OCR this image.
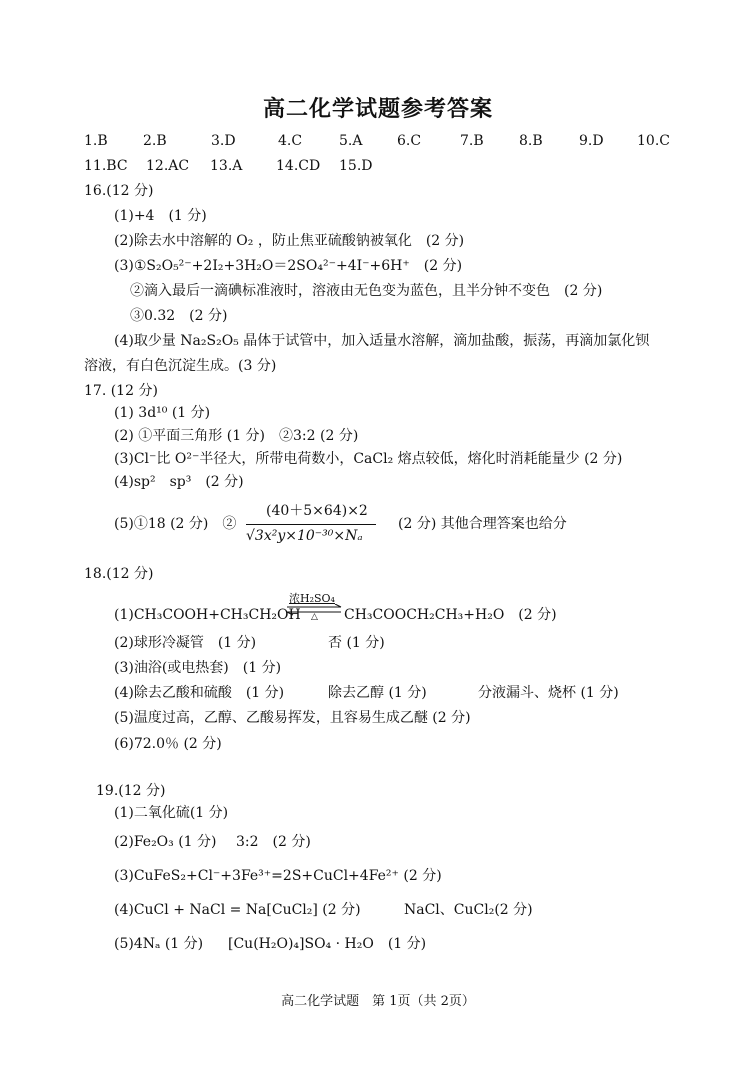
高二化学试题参考答案
1.B	2.B	3.D	4.C	5.A 6.C	7.B	8.B	9.D 10.C
11.BC 12.AC 13.A 14.CD 15.D
16.(12 分)
(1)+4　(1 分)
(2)除去水中溶解的 O₂ ，防止焦亚硫酸钠被氧化　(2 分)
(3)①S₂O₅²⁻+2I₂+3H₂O＝2SO₄²⁻+4I⁻+6H⁺　(2 分)
②滴入最后一滴碘标准液时，溶液由无色变为蓝色，且半分钟不变色　(2 分)
③0.32　(2 分)
(4)取少量 Na₂S₂O₅ 晶体于试管中，加入适量水溶解，滴加盐酸，振荡，再滴加氯化钡
溶液，有白色沉淀生成。(3 分)
17. (12 分)
(1) 3d¹⁰ (1 分)
(2) ①平面三角形 (1 分)　②3:2 (2 分)
(3)Cl⁻比 O²⁻半径大，所带电荷数小，CaCl₂ 熔点较低，熔化时消耗能量少 (2 分)
(4)sp²　sp³　(2 分)
(5)①18 (2 分)　②
(40＋5×64)×2
√3x²y×10⁻³⁰×Nₐ
(2 分) 其他合理答案也给分
18.(12 分)
(1)CH₃COOH+CH₃CH₂OH
浓H₂SO₄
△ CH₃COOCH₂CH₃+H₂O　(2 分)
(2)球形冷凝管　(1 分)	否 (1 分)
(3)油浴(或电热套)　(1 分)
(4)除去乙酸和硫酸　(1 分)	除去乙醇 (1 分)	分液漏斗、烧杯 (1 分)
(5)温度过高，乙醇、乙酸易挥发，且容易生成乙醚 (2 分)
(6)72.0％ (2 分)
19.(12 分)
(1)二氧化硫(1 分)
(2)Fe₂O₃ (1 分) 3:2　(2 分)
(3)CuFeS₂+Cl⁻+3Fe³⁺=2S+CuCl+4Fe²⁺ (2 分)
(4)CuCl + NaCl = Na[CuCl₂] (2 分)	NaCl、CuCl₂(2 分)
(5)4Nₐ (1 分) [Cu(H₂O)₄]SO₄ · H₂O　(1 分)
高二化学试题　第 1页（共 2页）
